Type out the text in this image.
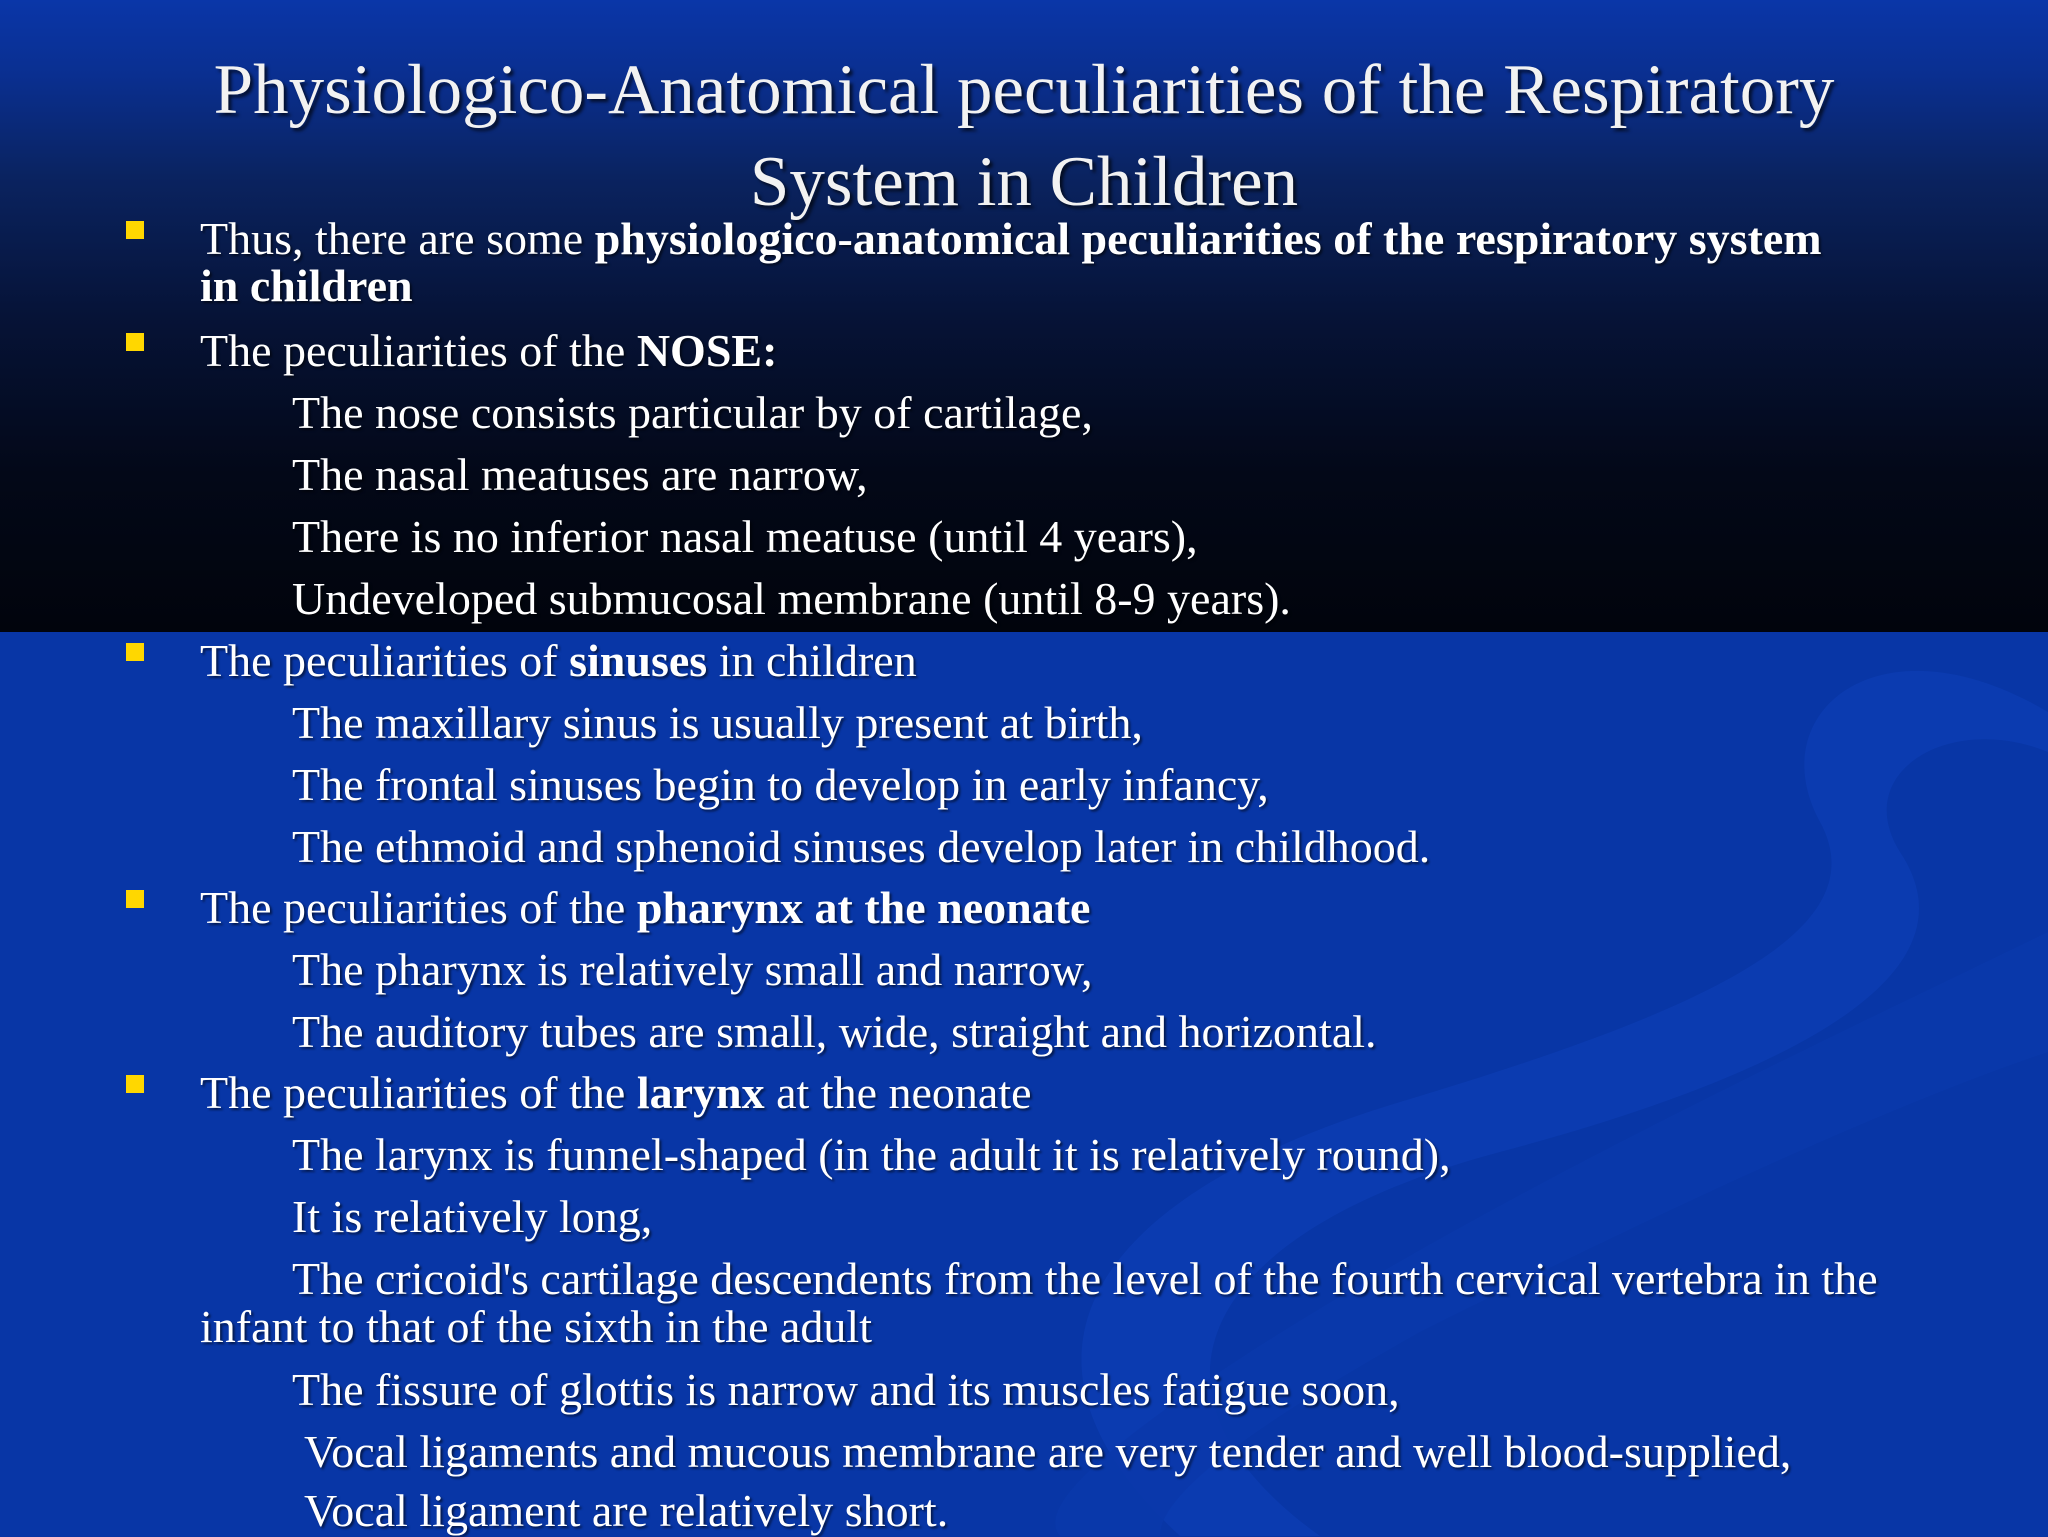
Physiologico-Anatomical peculiarities of the Respiratory
System in Children
Thus, there are some physiologico-anatomical peculiarities of the respiratory system
in children
The peculiarities of the NOSE:
The nose consists particular by of cartilage,
The nasal meatuses are narrow,
There is no inferior nasal meatuse (until 4 years),
Undeveloped submucosal membrane (until 8-9 years).
The peculiarities of sinuses in children
The maxillary sinus is usually present at birth,
The frontal sinuses begin to develop in early infancy,
The ethmoid and sphenoid sinuses develop later in childhood.
The peculiarities of the pharynx at the neonate
The pharynx is relatively small and narrow,
The auditory tubes are small, wide, straight and horizontal.
The peculiarities of the larynx at the neonate
The larynx is funnel-shaped (in the adult it is relatively round),
It is relatively long,
The cricoid's cartilage descendents from the level of the fourth cervical vertebra in the
infant to that of the sixth in the adult
The fissure of glottis is narrow and its muscles fatigue soon,
Vocal ligaments and mucous membrane are very tender and well blood-supplied,
Vocal ligament are relatively short.
